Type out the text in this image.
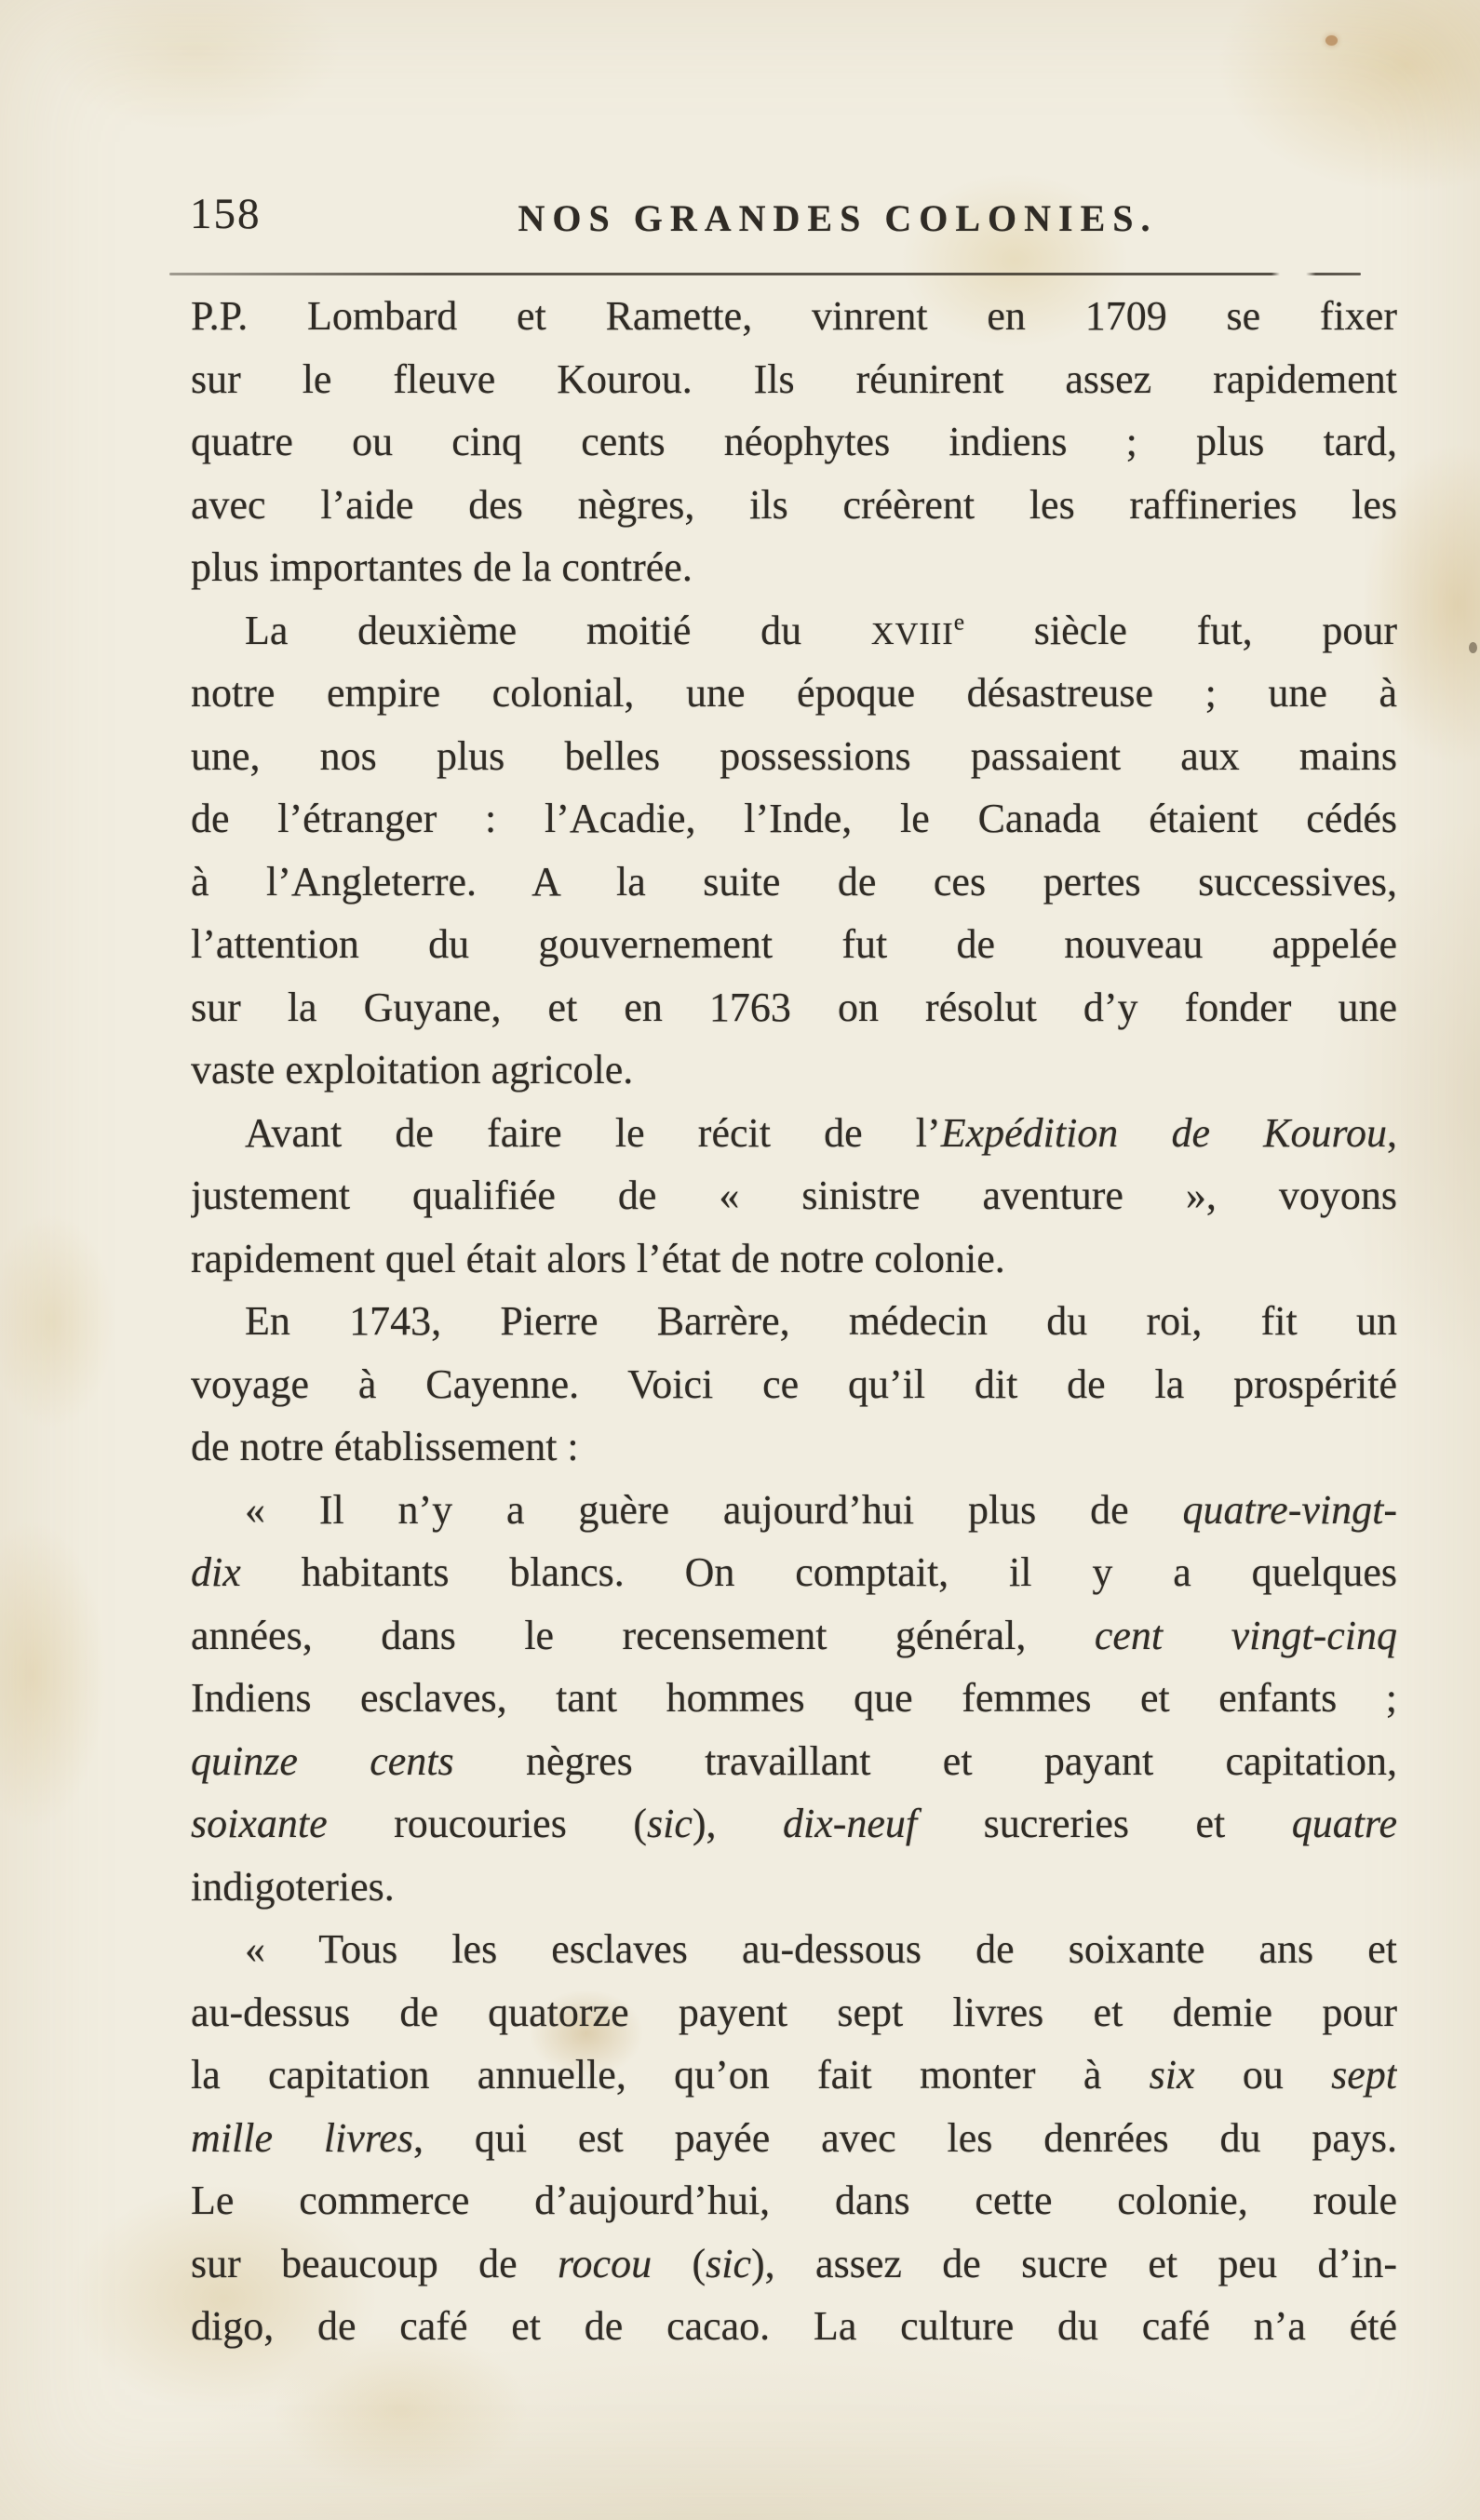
158	NOS GRANDES COLONIES.
P.P. Lombard et Ramette, vinrent en 1709 se fixer
sur le fleuve Kourou. Ils réunirent assez rapidement
quatre ou cinq cents néophytes indiens ; plus tard,
avec l’aide des nègres, ils créèrent les raffineries les
plus importantes de la contrée.
La deuxième moitié du XVIIIe siècle fut, pour
notre empire colonial, une époque désastreuse ; une à
une, nos plus belles possessions passaient aux mains
de l’étranger : l’Acadie, l’Inde, le Canada étaient cédés
à l’Angleterre. A la suite de ces pertes successives,
l’attention du gouvernement fut de nouveau appelée
sur la Guyane, et en 1763 on résolut d’y fonder une
vaste exploitation agricole.
Avant de faire le récit de l’Expédition de Kourou,
justement qualifiée de « sinistre aventure », voyons
rapidement quel était alors l’état de notre colonie.
En 1743, Pierre Barrère, médecin du roi, fit un
voyage à Cayenne. Voici ce qu’il dit de la prospérité
de notre établissement :
« Il n’y a guère aujourd’hui plus de quatre-vingt-
dix habitants blancs. On comptait, il y a quelques
années, dans le recensement général, cent vingt-cinq
Indiens esclaves, tant hommes que femmes et enfants ;
quinze cents nègres travaillant et payant capitation,
soixante roucouries (sic), dix-neuf sucreries et quatre
indigoteries.
« Tous les esclaves au-dessous de soixante ans et
au-dessus de quatorze payent sept livres et demie pour
la capitation annuelle, qu’on fait monter à six ou sept
mille livres, qui est payée avec les denrées du pays.
Le commerce d’aujourd’hui, dans cette colonie, roule
sur beaucoup de rocou (sic), assez de sucre et peu d’in-
digo, de café et de cacao. La culture du café n’a été
